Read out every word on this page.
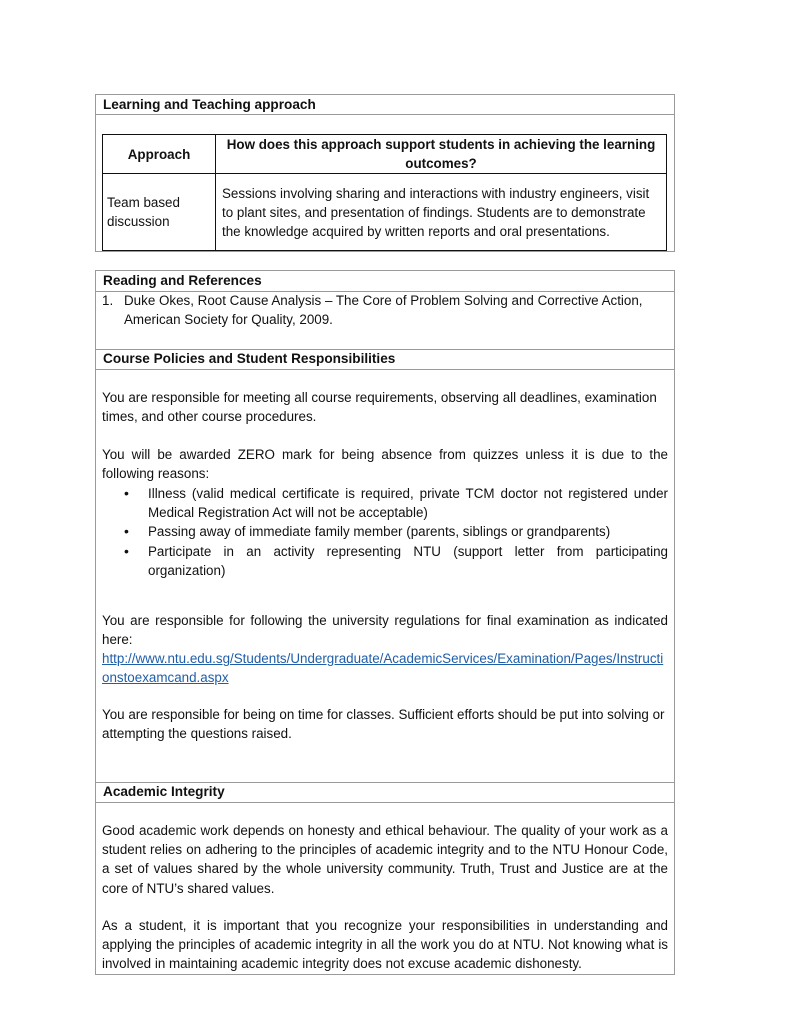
Learning and Teaching approach
Approach	How does this approach support students in achieving the learning outcomes?
Team based discussion	Sessions involving sharing and interactions with industry engineers, visit to plant sites, and presentation of findings. Students are to demonstrate the knowledge acquired by written reports and oral presentations.
Reading and References
1. Duke Okes, Root Cause Analysis – The Core of Problem Solving and Corrective Action, American Society for Quality, 2009.
Course Policies and Student Responsibilities
You are responsible for meeting all course requirements, observing all deadlines, examination times, and other course procedures.
You will be awarded ZERO mark for being absence from quizzes unless it is due to the following reasons:
• Illness (valid medical certificate is required, private TCM doctor not registered under Medical Registration Act will not be acceptable)
• Passing away of immediate family member (parents, siblings or grandparents)
• Participate in an activity representing NTU (support letter from participating organization)
You are responsible for following the university regulations for final examination as indicated here:
http://www.ntu.edu.sg/Students/Undergraduate/AcademicServices/Examination/Pages/Instructionstoexamcand.aspx
You are responsible for being on time for classes. Sufficient efforts should be put into solving or attempting the questions raised.
Academic Integrity
Good academic work depends on honesty and ethical behaviour. The quality of your work as a student relies on adhering to the principles of academic integrity and to the NTU Honour Code, a set of values shared by the whole university community. Truth, Trust and Justice are at the core of NTU’s shared values.
As a student, it is important that you recognize your responsibilities in understanding and applying the principles of academic integrity in all the work you do at NTU. Not knowing what is involved in maintaining academic integrity does not excuse academic dishonesty.
